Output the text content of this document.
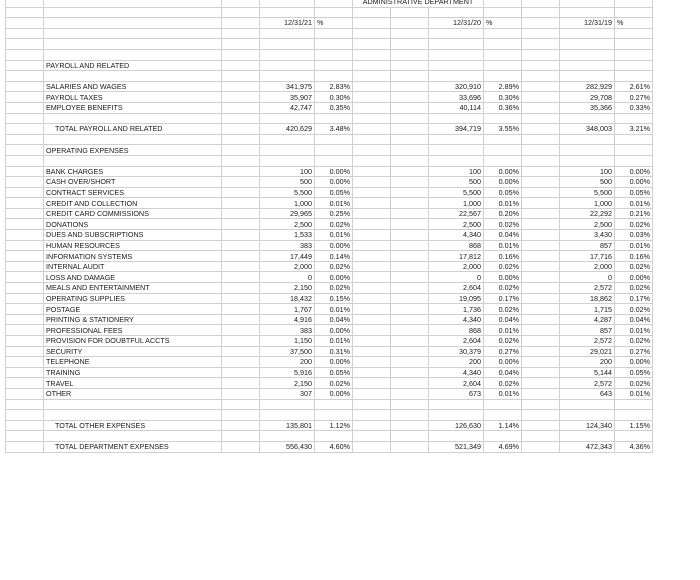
					ADMINISTRATIVE DEPARTMENT						

			12/31/21	%			12/31/20	%		12/31/19	%

	PAYROLL AND RELATED										

	SALARIES AND WAGES		341,975	2.83%			320,910	2.89%		282,929	2.61%
	PAYROLL TAXES		35,907	0.30%			33,696	0.30%		29,708	0.27%
	EMPLOYEE BENEFITS		42,747	0.35%			40,114	0.36%		35,366	0.33%

	TOTAL PAYROLL AND RELATED		420,629	3.48%			394,719	3.55%		348,003	3.21%

	OPERATING EXPENSES										

	BANK CHARGES		100	0.00%			100	0.00%		100	0.00%
	CASH OVER/SHORT		500	0.00%			500	0.00%		500	0.00%
	CONTRACT SERVICES		5,500	0.05%			5,500	0.05%		5,500	0.05%
	CREDIT AND COLLECTION		1,000	0.01%			1,000	0.01%		1,000	0.01%
	CREDIT CARD COMMISSIONS		29,965	0.25%			22,567	0.20%		22,292	0.21%
	DONATIONS		2,500	0.02%			2,500	0.02%		2,500	0.02%
	DUES AND SUBSCRIPTIONS		1,533	0.01%			4,340	0.04%		3,430	0.03%
	HUMAN RESOURCES		383	0.00%			868	0.01%		857	0.01%
	INFORMATION SYSTEMS		17,449	0.14%			17,812	0.16%		17,716	0.16%
	INTERNAL AUDIT		2,000	0.02%			2,000	0.02%		2,000	0.02%
	LOSS AND DAMAGE		0	0.00%			0	0.00%		0	0.00%
	MEALS AND ENTERTAINMENT		2,150	0.02%			2,604	0.02%		2,572	0.02%
	OPERATING SUPPLIES		18,432	0.15%			19,095	0.17%		18,862	0.17%
	POSTAGE		1,767	0.01%			1,736	0.02%		1,715	0.02%
	PRINTING & STATIONERY		4,916	0.04%			4,340	0.04%		4,287	0.04%
	PROFESSIONAL FEES		383	0.00%			868	0.01%		857	0.01%
	PROVISION FOR DOUBTFUL ACCTS		1,150	0.01%			2,604	0.02%		2,572	0.02%
	SECURITY		37,500	0.31%			30,379	0.27%		29,021	0.27%
	TELEPHONE		200	0.00%			200	0.00%		200	0.00%
	TRAINING		5,916	0.05%			4,340	0.04%		5,144	0.05%
	TRAVEL		2,150	0.02%			2,604	0.02%		2,572	0.02%
	OTHER		307	0.00%			673	0.01%		643	0.01%

	TOTAL OTHER EXPENSES		135,801	1.12%			126,630	1.14%		124,340	1.15%

	TOTAL DEPARTMENT EXPENSES		556,430	4.60%			521,349	4.69%		472,343	4.36%
